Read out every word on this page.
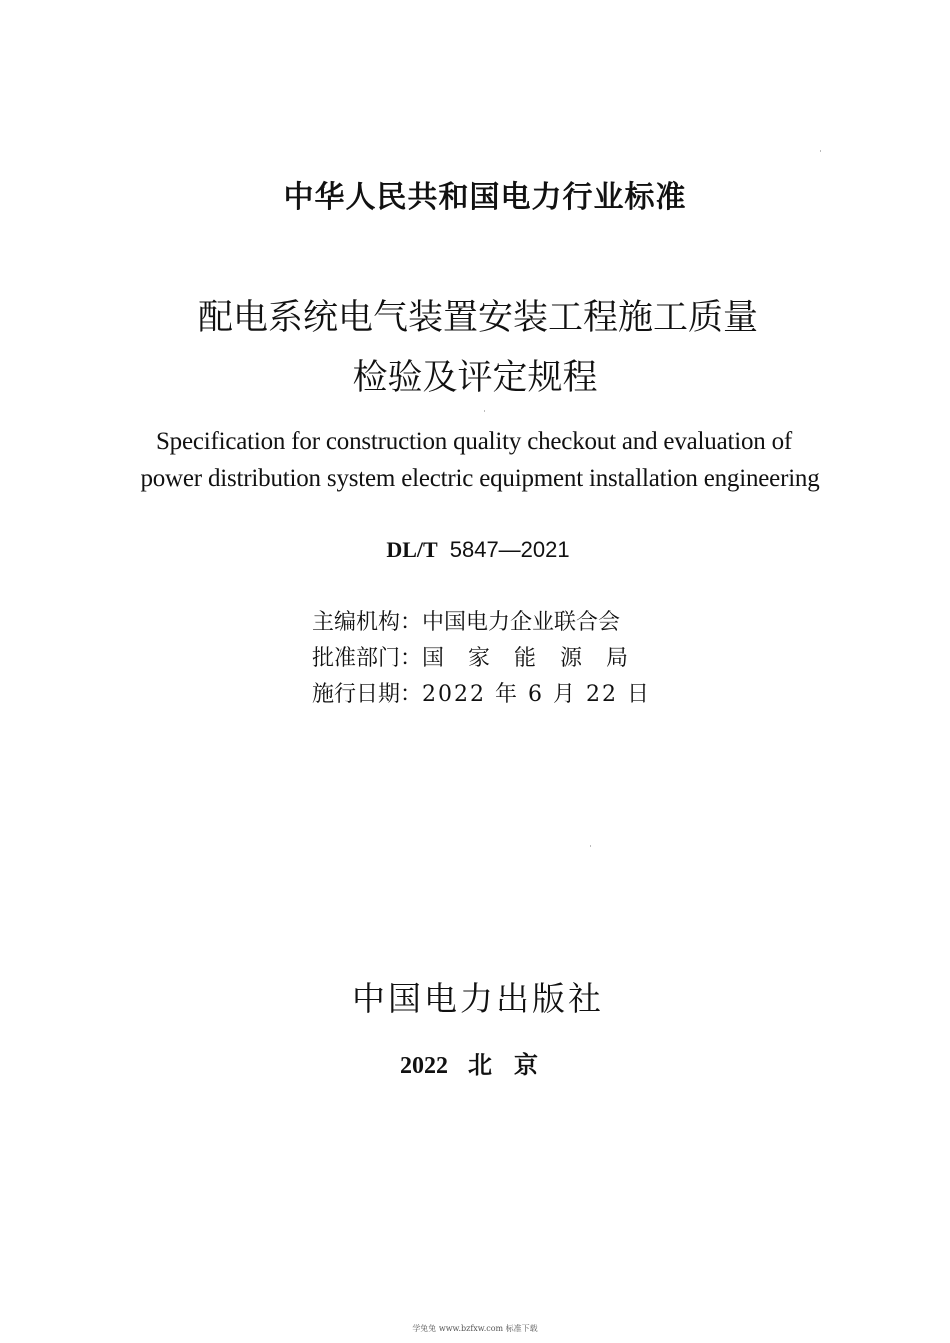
中华人民共和国电力行业标准
配电系统电气装置安装工程施工质量
检验及评定规程
Specification for construction quality checkout and evaluation of
power distribution system electric equipment installation engineering
DL/T 5847—2021
主编机构：中国电力企业联合会
批准部门：国家能源局
施行日期：2022 年 6 月 22 日
中国电力出版社
2022 北京
学兔兔 www.bzfxw.com 标准下载
